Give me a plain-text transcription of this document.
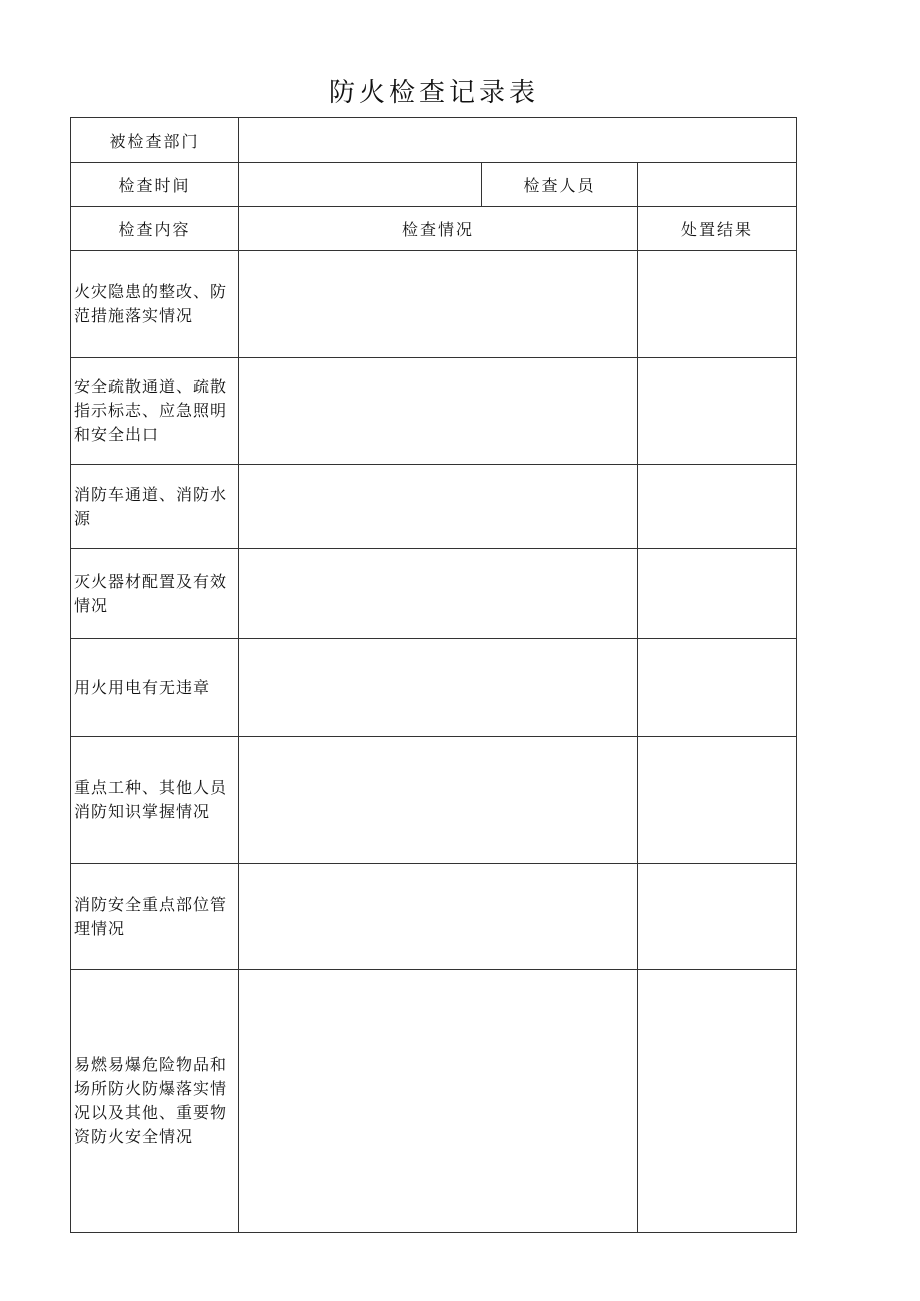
防火检查记录表
被检查部门			
检查时间		检查人员	
检查内容	检查情况		处置结果
火灾隐患的整改、防范措施落实情况			
安全疏散通道、疏散指示标志、应急照明和安全出口			
消防车通道、消防水源			
灭火器材配置及有效情况			
用火用电有无违章			
重点工种、其他人员消防知识掌握情况			
消防安全重点部位管理情况			
易燃易爆危险物品和场所防火防爆落实情况以及其他、重要物资防火安全情况			
